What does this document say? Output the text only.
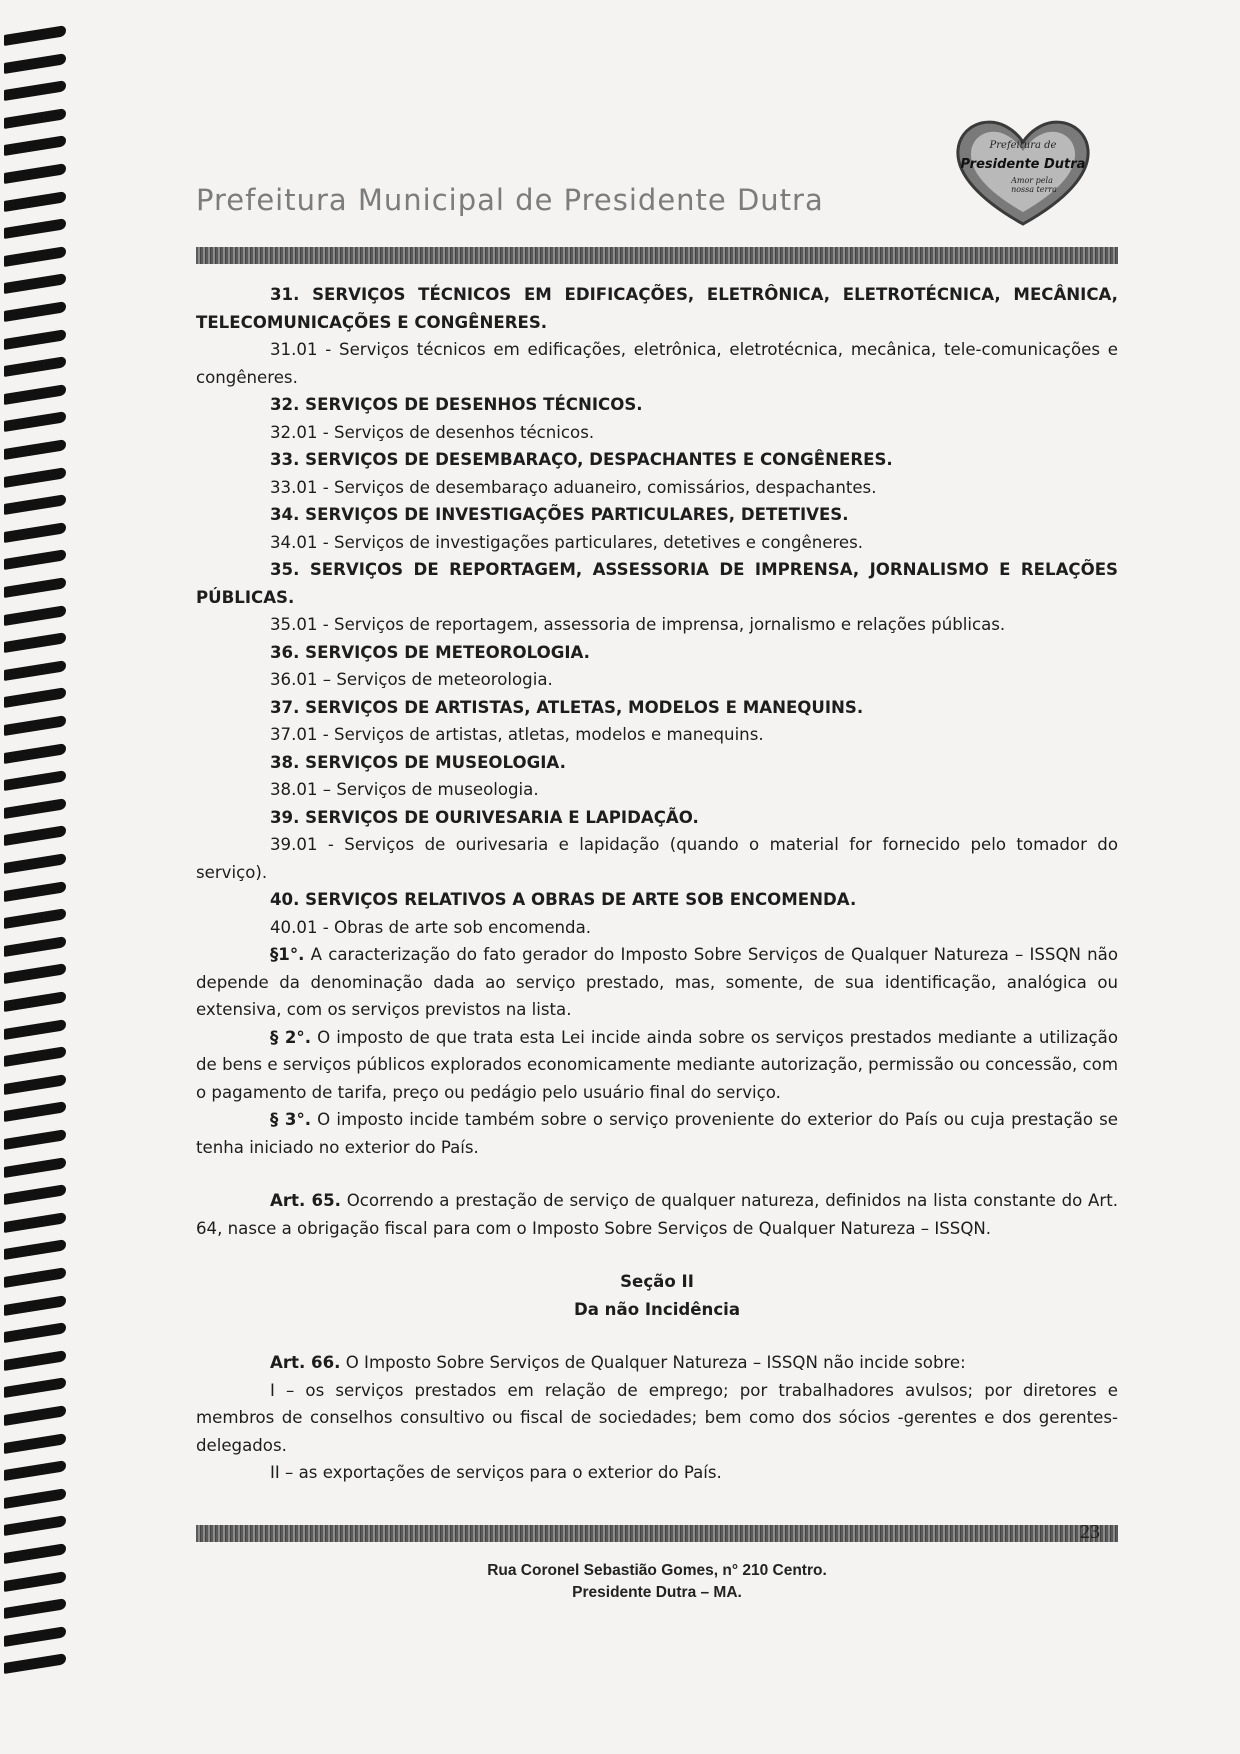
Prefeitura Municipal de Presidente Dutra
Prefeitura de
Presidente Dutra
Amor pela
nossa terra

31. SERVIÇOS TÉCNICOS EM EDIFICAÇÕES, ELETRÔNICA, ELETROTÉCNICA, MECÂNICA, TELECOMUNICAÇÕES E CONGÊNERES.

31.01 - Serviços técnicos em edificações, eletrônica, eletrotécnica, mecânica, tele-comunicações e congêneres.

32. SERVIÇOS DE DESENHOS TÉCNICOS.

32.01 - Serviços de desenhos técnicos.

33. SERVIÇOS DE DESEMBARAÇO, DESPACHANTES E CONGÊNERES.

33.01 - Serviços de desembaraço aduaneiro, comissários, despachantes.

34. SERVIÇOS DE INVESTIGAÇÕES PARTICULARES, DETETIVES.

34.01 - Serviços de investigações particulares, detetives e congêneres.

35. SERVIÇOS DE REPORTAGEM, ASSESSORIA DE IMPRENSA, JORNALISMO E RELAÇÕES PÚBLICAS.

35.01 - Serviços de reportagem, assessoria de imprensa, jornalismo e relações públicas.

36. SERVIÇOS DE METEOROLOGIA.

36.01 – Serviços de meteorologia.

37. SERVIÇOS DE ARTISTAS, ATLETAS, MODELOS E MANEQUINS.

37.01 - Serviços de artistas, atletas, modelos e manequins.

38. SERVIÇOS DE MUSEOLOGIA.

38.01 – Serviços de museologia.

39. SERVIÇOS DE OURIVESARIA E LAPIDAÇÃO.

39.01 - Serviços de ourivesaria e lapidação (quando o material for fornecido pelo tomador do serviço).

40. SERVIÇOS RELATIVOS A OBRAS DE ARTE SOB ENCOMENDA.

40.01 - Obras de arte sob encomenda.

§1°. A caracterização do fato gerador do Imposto Sobre Serviços de Qualquer Natureza – ISSQN não depende da denominação dada ao serviço prestado, mas, somente, de sua identificação, analógica ou extensiva, com os serviços previstos na lista.

§ 2°. O imposto de que trata esta Lei incide ainda sobre os serviços prestados mediante a utilização de bens e serviços públicos explorados economicamente mediante autorização, permissão ou concessão, com o pagamento de tarifa, preço ou pedágio pelo usuário final do serviço.

§ 3°. O imposto incide também sobre o serviço proveniente do exterior do País ou cuja prestação se tenha iniciado no exterior do País.

Art. 65. Ocorrendo a prestação de serviço de qualquer natureza, definidos na lista constante do Art. 64, nasce a obrigação fiscal para com o Imposto Sobre Serviços de Qualquer Natureza – ISSQN.

Seção II

Da não Incidência

Art. 66. O Imposto Sobre Serviços de Qualquer Natureza – ISSQN não incide sobre:

I – os serviços prestados em relação de emprego; por trabalhadores avulsos; por diretores e membros de conselhos consultivo ou fiscal de sociedades; bem como dos sócios -gerentes e dos gerentes-delegados.

II – as exportações de serviços para o exterior do País.

23
Rua Coronel Sebastião Gomes, n° 210 Centro.
Presidente Dutra – MA.
